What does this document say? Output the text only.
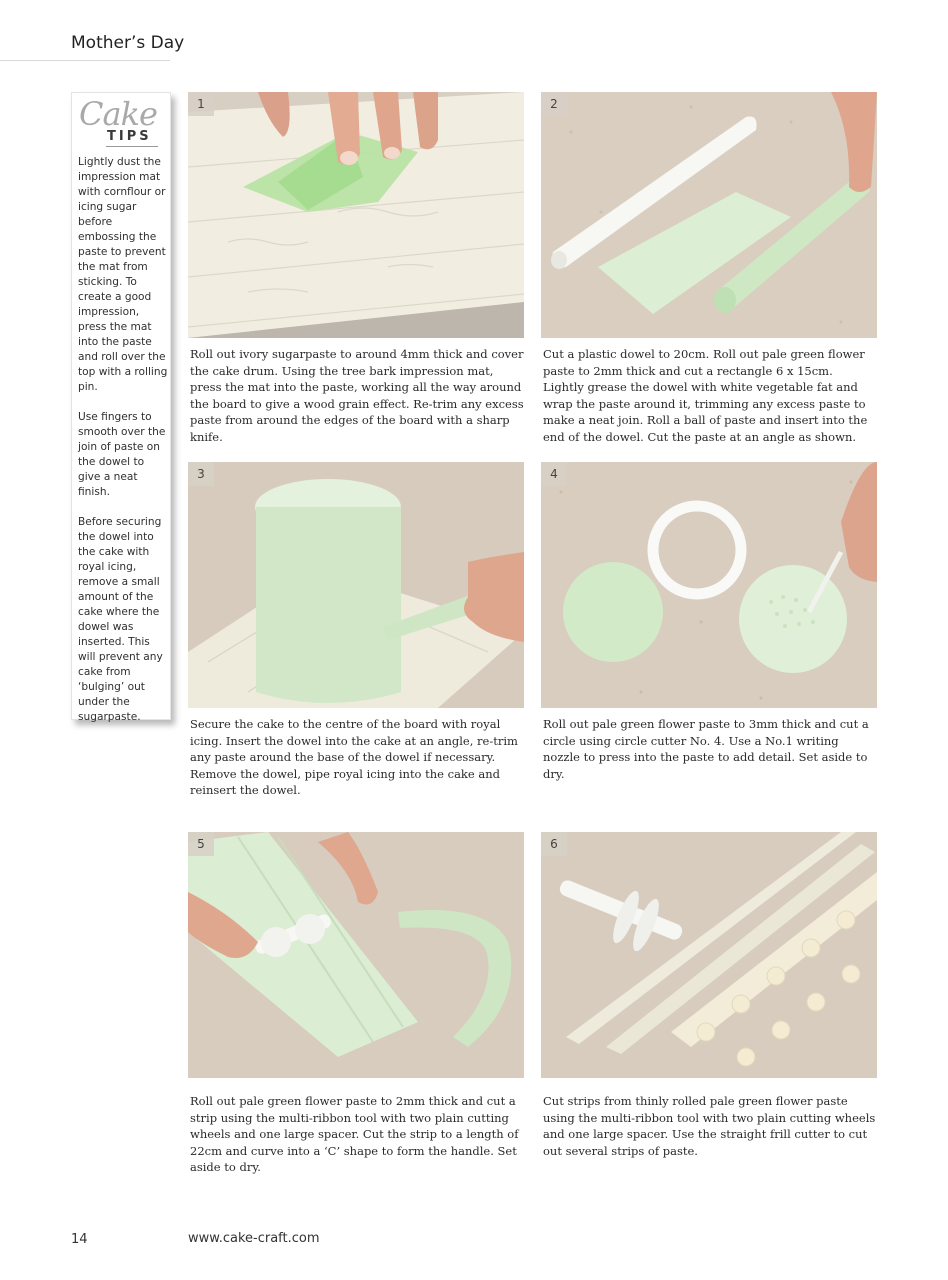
Mother’s Day
Cake
TIPS

Lightly dust the impression mat with cornflour or icing sugar before embossing the paste to prevent the mat from sticking. To create a good impression, press the mat into the paste and roll over the top with a rolling pin.

Use fingers to smooth over the join of paste on the dowel to give a neat finish.

Before securing the dowel into the cake with royal icing, remove a small amount of the cake where the dowel was inserted. This will prevent any cake from ‘bulging’ out under the sugarpaste.

1

Roll out ivory sugarpaste to around 4mm thick and cover the cake drum. Using the tree bark impression mat, press the mat into the paste, working all the way around the board to give a wood grain effect. Re-trim any excess paste from around the edges of the board with a sharp knife.

2

Cut a plastic dowel to 20cm. Roll out pale green flower paste to 2mm thick and cut a rectangle 6 x 15cm. Lightly grease the dowel with white vegetable fat and wrap the paste around it, trimming any excess paste to make a neat join. Roll a ball of paste and insert into the end of the dowel. Cut the paste at an angle as shown.

3

Secure the cake to the centre of the board with royal icing. Insert the dowel into the cake at an angle, re-trim any paste around the base of the dowel if necessary. Remove the dowel, pipe royal icing into the cake and reinsert the dowel.

4

Roll out pale green flower paste to 3mm thick and cut a circle using circle cutter No. 4. Use a No.1 writing nozzle to press into the paste to add detail. Set aside to dry.

5

Roll out pale green flower paste to 2mm thick and cut a strip using the multi-ribbon tool with two plain cutting wheels and one large spacer. Cut the strip to a length of 22cm and curve into a ‘C’ shape to form the handle. Set aside to dry.

6

Cut strips from thinly rolled pale green flower paste using the multi-ribbon tool with two plain cutting wheels and one large spacer. Use the straight frill cutter to cut out several strips of paste.

14	www.cake-craft.com
